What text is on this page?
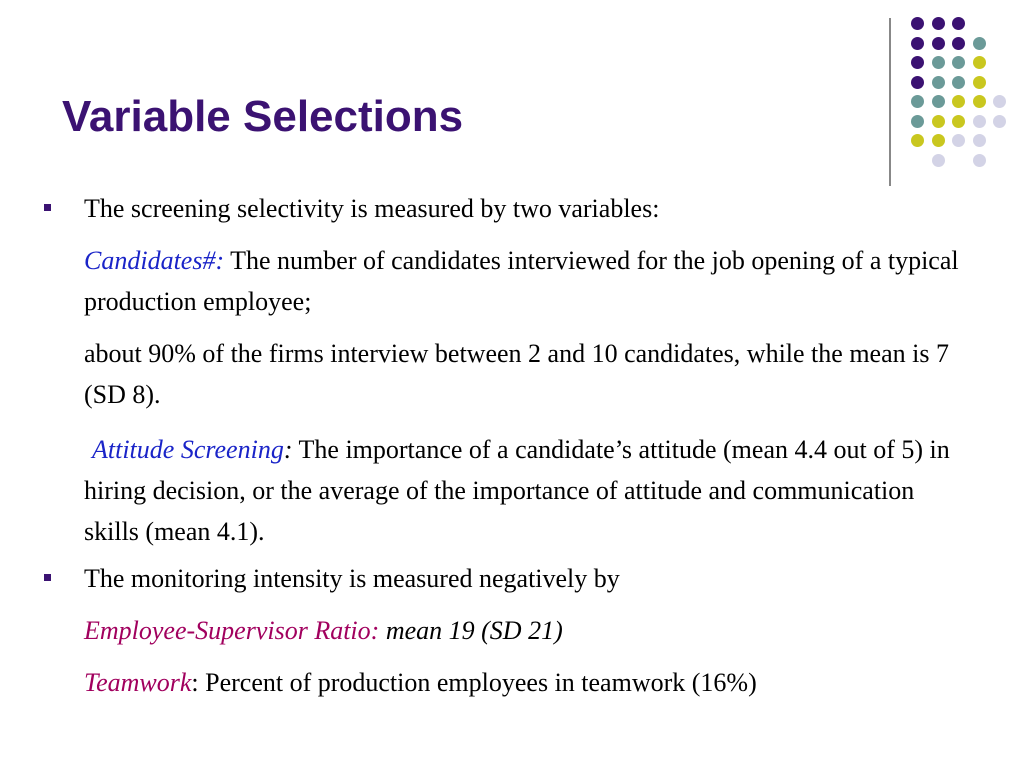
Variable Selections

The screening selectivity is measured by two variables:

Candidates#: The number of candidates interviewed for the job opening of a typical production employee;

about 90% of the firms interview between 2 and 10 candidates, while the mean is 7 (SD 8).

Attitude Screening: The importance of a candidate’s attitude (mean 4.4 out of 5) in hiring decision, or the average of the importance of attitude and communication skills (mean 4.1).

The monitoring intensity is measured negatively by

Employee-Supervisor Ratio: mean 19 (SD 21)

Teamwork: Percent of production employees in teamwork (16%)
